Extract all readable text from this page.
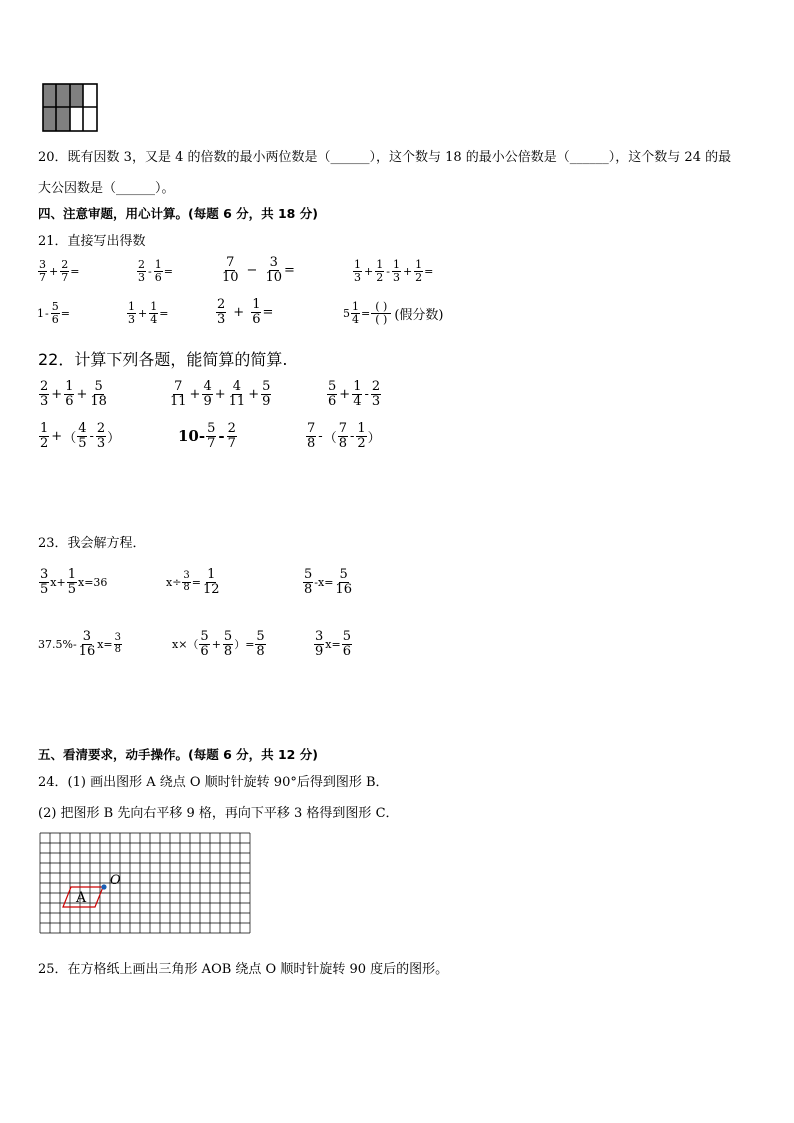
20．既有因数 3，又是 4 的倍数的最小两位数是（______），这个数与 18 的最小公倍数是（______），这个数与 24 的最
大公因数是（______）。
四、注意审题，用心计算。(每题 6 分，共 18 分)
21．直接写出得数
$\frac{3}{7} + \frac{2}{7}$ =	$\frac{2}{3} - \frac{1}{6}$ =	$\frac{7}{10} - \frac{3}{10}$ =	$\frac{1}{3} + \frac{1}{2} - \frac{1}{3} + \frac{1}{2}$ =
$1 - \frac{5}{6}$ =	$\frac{1}{3} + \frac{1}{4}$ =	$\frac{2}{3} + \frac{1}{6}$ =	$5 \frac{1}{4} = \frac{( )}{( )}$ (假分数)
22．计算下列各题，能简算的简算.
$\frac{2}{3} + \frac{1}{6} + \frac{5}{18}$	$\frac{7}{11} + \frac{4}{9} + \frac{4}{11} + \frac{5}{9}$	$\frac{5}{6} + \frac{1}{4} - \frac{2}{3}$
$\frac{1}{2}$ + （ $\frac{4}{5} - \frac{2}{3}$ ）	$10- \frac{5}{7} - \frac{2}{7}$	$\frac{7}{8}$ - （ $\frac{7}{8} - \frac{1}{2}$ ）
23．我会解方程．
$\frac{3}{5}$ $x + \frac{1}{5} x=36$	$x\div \frac{3}{8} = \frac{1}{12}$	$\frac{5}{8} -x= \frac{5}{16}$
$37.5\%- \frac{3}{16} x= \frac{3}{8}$	$x\times( \frac{5}{6} + \frac{5}{8}$ ） = $\frac{5}{8}$	$\frac{3}{9} x= \frac{5}{6}$
五、看清要求，动手操作。(每题 6 分，共 12 分)
24．(1) 画出图形 A 绕点 O 顺时针旋转 90°后得到图形 B．
(2) 把图形 B 先向右平移 9 格，再向下平移 3 格得到图形 C．
A
O
25．在方格纸上画出三角形 AOB 绕点 O 顺时针旋转 90 度后的图形。
